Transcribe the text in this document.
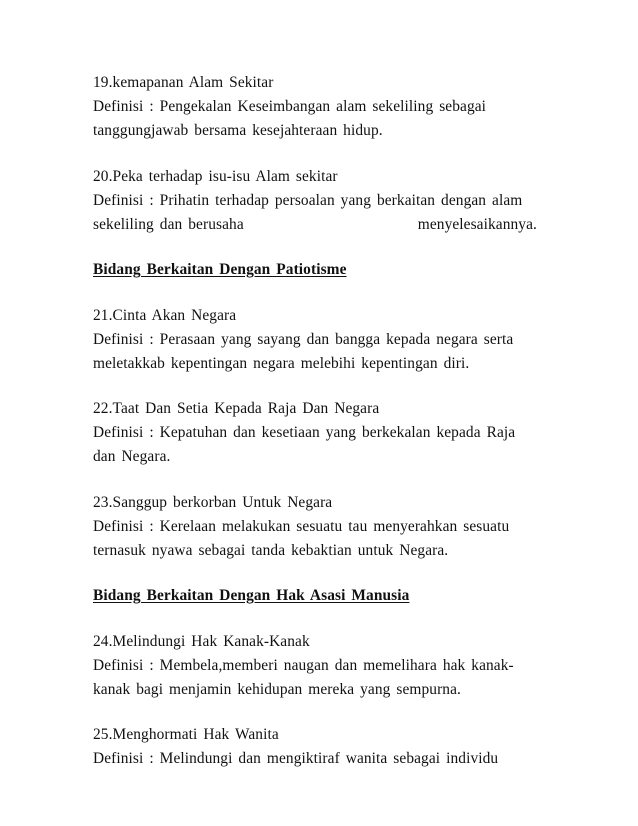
19.kemapanan Alam Sekitar
Definisi : Pengekalan Keseimbangan alam sekeliling sebagai
tanggungjawab bersama kesejahteraan hidup.
20.Peka terhadap isu-isu Alam sekitar
Definisi : Prihatin terhadap persoalan yang berkaitan dengan alam
sekeliling dan berusaha	menyelesaikannya.
Bidang Berkaitan Dengan Patiotisme
21.Cinta Akan Negara
Definisi : Perasaan yang sayang dan bangga kepada negara serta
meletakkab kepentingan negara melebihi kepentingan diri.
22.Taat Dan Setia Kepada Raja Dan Negara
Definisi : Kepatuhan dan kesetiaan yang berkekalan kepada Raja
dan Negara.
23.Sanggup berkorban Untuk Negara
Definisi : Kerelaan melakukan sesuatu tau menyerahkan sesuatu
ternasuk nyawa sebagai tanda kebaktian untuk Negara.
Bidang Berkaitan Dengan Hak Asasi Manusia
24.Melindungi Hak Kanak-Kanak
Definisi : Membela,memberi naugan dan memelihara hak kanak-
kanak bagi menjamin kehidupan mereka yang sempurna.
25.Menghormati Hak Wanita
Definisi : Melindungi dan mengiktiraf wanita sebagai individu
